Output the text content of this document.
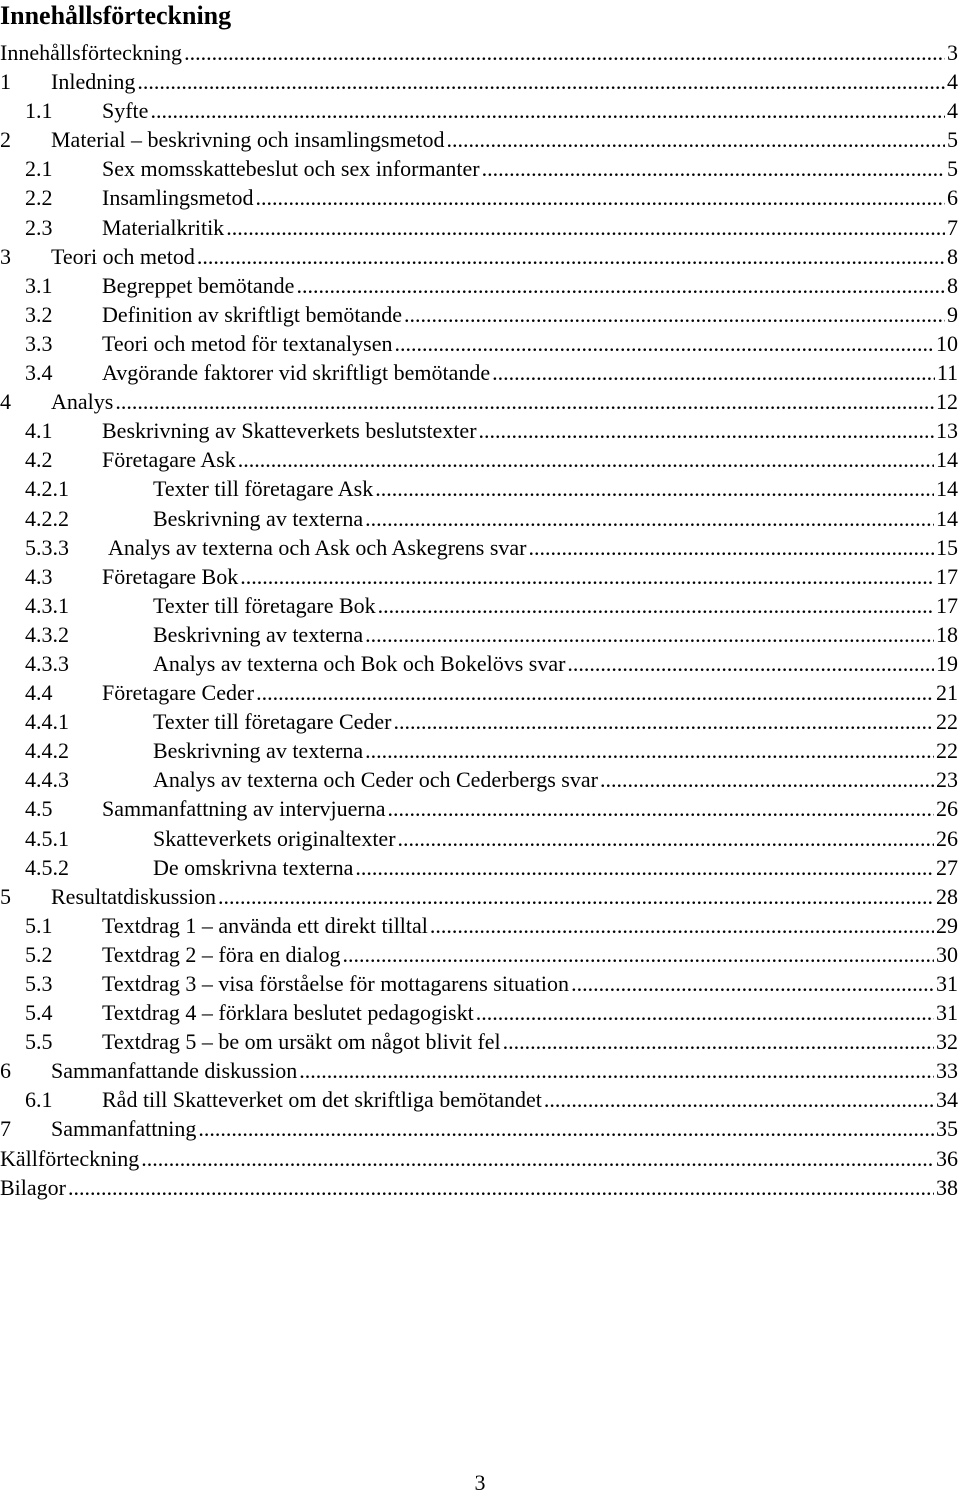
Innehållsförteckning
Innehållsförteckning .....	3
1	Inledning .....	4
1.1	Syfte .....	4
2	Material – beskrivning och insamlingsmetod .....	5
2.1	Sex momsskattebeslut och sex informanter .....	5
2.2	Insamlingsmetod .....	6
2.3	Materialkritik .....	7
3	Teori och metod .....	8
3.1	Begreppet bemötande .....	8
3.2	Definition av skriftligt bemötande .....	9
3.3	Teori och metod för textanalysen .....	10
3.4	Avgörande faktorer vid skriftligt bemötande .....	11
4	Analys .....	12
4.1	Beskrivning av Skatteverkets beslutstexter .....	13
4.2	Företagare Ask .....	14
4.2.1	Texter till företagare Ask .....	14
4.2.2	Beskrivning av texterna .....	14
5.3.3	Analys av texterna och Ask och Askegrens svar .....	15
4.3	Företagare Bok .....	17
4.3.1	Texter till företagare Bok .....	17
4.3.2	Beskrivning av texterna .....	18
4.3.3	Analys av texterna och Bok och Bokelövs svar .....	19
4.4	Företagare Ceder .....	21
4.4.1	Texter till företagare Ceder .....	22
4.4.2	Beskrivning av texterna .....	22
4.4.3	Analys av texterna och Ceder och Cederbergs svar .....	23
4.5	Sammanfattning av intervjuerna .....	26
4.5.1	Skatteverkets originaltexter .....	26
4.5.2	De omskrivna texterna .....	27
5	Resultatdiskussion .....	28
5.1	Textdrag 1 – använda ett direkt tilltal .....	29
5.2	Textdrag 2 – föra en dialog .....	30
5.3	Textdrag 3 – visa förståelse för mottagarens situation .....	31
5.4	Textdrag 4 – förklara beslutet pedagogiskt .....	31
5.5	Textdrag 5 – be om ursäkt om något blivit fel .....	32
6	Sammanfattande diskussion .....	33
6.1	Råd till Skatteverket om det skriftliga bemötandet .....	34
7	Sammanfattning .....	35
Källförteckning .....	36
Bilagor .....	38
3
